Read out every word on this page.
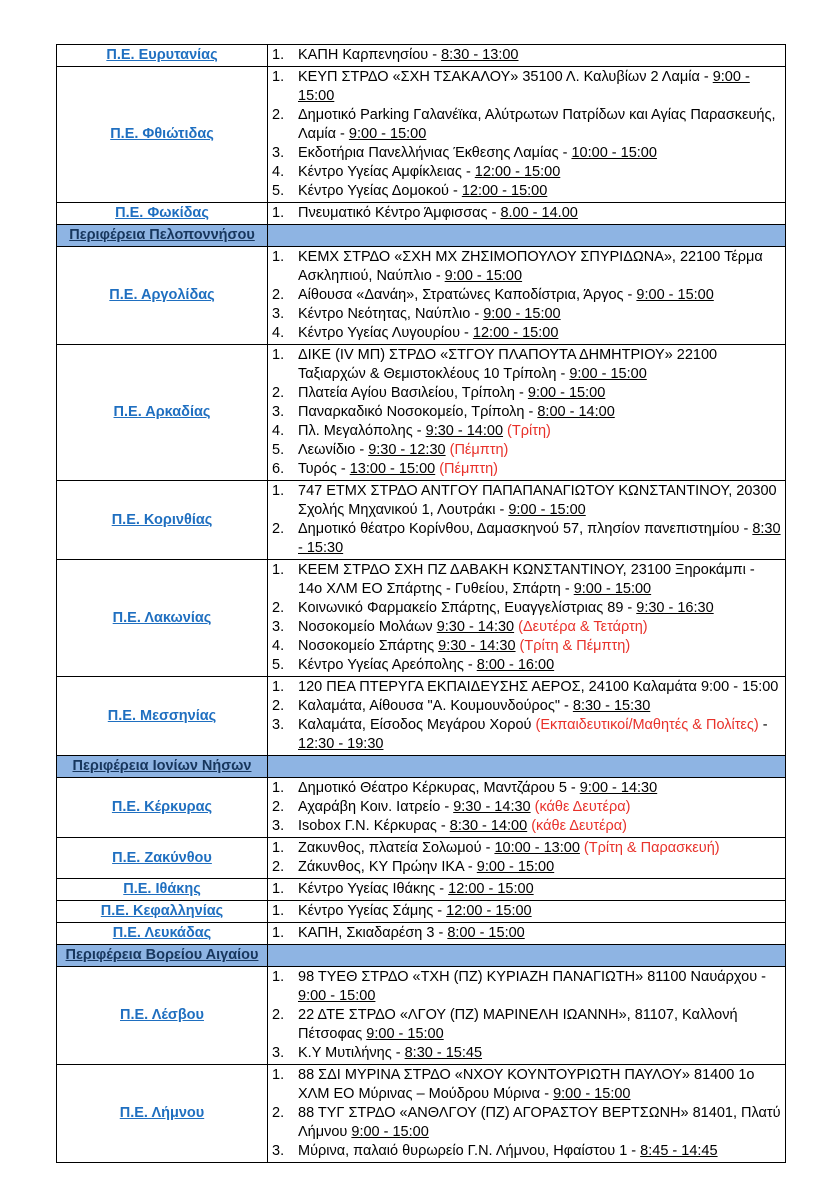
Π.Ε. Ευρυτανίας	1. ΚΑΠΗ Καρπενησίου - 8:30 - 13:00

Π.Ε. Φθιώτιδας	
1. ΚΕΥΠ ΣΤΡΔΟ «ΣΧΗ ΤΣΑΚΑΛΟΥ» 35100 Λ. Καλυβίων 2 Λαμία - 9:00 - 15:00
2. Δημοτικό Parking Γαλανέϊκα, Αλύτρωτων Πατρίδων και Αγίας Παρασκευής, Λαμία - 9:00 - 15:00
3. Εκδοτήρια Πανελλήνιας Έκθεσης Λαμίας - 10:00 - 15:00
4. Κέντρο Υγείας Αμφίκλειας - 12:00 - 15:00
5. Κέντρο Υγείας Δομοκού - 12:00 - 15:00

Π.Ε. Φωκίδας	1. Πνευματικό Κέντρο Άμφισσας - 8.00 - 14.00

Περιφέρεια Πελοποννήσου	
Π.Ε. Αργολίδας	
1. ΚΕΜΧ ΣΤΡΔΟ «ΣΧΗ ΜΧ ΖΗΣΙΜΟΠΟΥΛΟΥ ΣΠΥΡΙΔΩΝΑ», 22100 Τέρμα Ασκληπιού, Ναύπλιο - 9:00 - 15:00
2. Αίθουσα «Δανάη», Στρατώνες Καποδίστρια, Άργος - 9:00 - 15:00
3. Κέντρο Νεότητας, Ναύπλιο - 9:00 - 15:00
4. Κέντρο Υγείας Λυγουρίου - 12:00 - 15:00

Π.Ε. Αρκαδίας	
1. ΔΙΚΕ (IV ΜΠ) ΣΤΡΔΟ «ΣΤΓΟΥ ΠΛΑΠΟΥΤΑ ΔΗΜΗΤΡΙΟΥ» 22100 Ταξιαρχών & Θεμιστοκλέους 10 Τρίπολη - 9:00 - 15:00
2. Πλατεία Αγίου Βασιλείου, Τρίπολη - 9:00 - 15:00
3. Παναρκαδικό Νοσοκομείο, Τρίπολη - 8:00 - 14:00
4. Πλ. Μεγαλόπολης - 9:30 - 14:00 (Τρίτη)
5. Λεωνίδιο - 9:30 - 12:30 (Πέμπτη)
6. Τυρός - 13:00 - 15:00 (Πέμπτη)

Π.Ε. Κορινθίας	1. 747 ΕΤΜΧ ΣΤΡΔΟ ΑΝΤΓΟΥ ΠΑΠΑΠΑΝΑΓΙΩΤΟΥ ΚΩΝΣΤΑΝΤΙΝΟΥ, 20300 Σχολής Μηχανικού 1, Λουτράκι - 9:00 - 15:00
2. Δημοτικό θέατρο Κορίνθου, Δαμασκηνού 57, πλησίον πανεπιστημίου - 8:30 - 15:30

Π.Ε. Λακωνίας	
1. ΚΕΕΜ ΣΤΡΔΟ ΣΧΗ ΠΖ ΔΑΒΑΚΗ ΚΩΝΣΤΑΝΤΙΝΟΥ, 23100 Ξηροκάμπι - 14ο ΧΛΜ ΕΟ Σπάρτης - Γυθείου, Σπάρτη - 9:00 - 15:00
2. Κοινωνικό Φαρμακείο Σπάρτης, Ευαγγελίστριας 89 - 9:30 - 16:30
3. Νοσοκομείο Μολάων 9:30 - 14:30 (Δευτέρα & Τετάρτη)
4. Νοσοκομείο Σπάρτης 9:30 - 14:30 (Τρίτη & Πέμπτη)
5. Κέντρο Υγείας Αρεόπολης - 8:00 - 16:00

Π.Ε. Μεσσηνίας	
1. 120 ΠΕΑ ΠΤΕΡΥΓΑ ΕΚΠΑΙΔΕΥΣΗΣ ΑΕΡΟΣ, 24100 Καλαμάτα 9:00 - 15:00
2. Καλαμάτα, Αίθουσα "Α. Κουμουνδούρος" - 8:30 - 15:30
3. Καλαμάτα, Είσοδος Μεγάρου Χορού (Εκπαιδευτικοί/Μαθητές & Πολίτες) - 12:30 - 19:30

Περιφέρεια Ιονίων Νήσων	
Π.Ε. Κέρκυρας	
1. Δημοτικό Θέατρο Κέρκυρας, Μαντζάρου 5 - 9:00 - 14:30
2. Αχαράβη Κοιν. Ιατρείο - 9:30 - 14:30 (κάθε Δευτέρα)
3. Isobox Γ.Ν. Κέρκυρας - 8:30 - 14:00 (κάθε Δευτέρα)

Π.Ε. Ζακύνθου	1. Ζακυνθος, πλατεία Σολωμού - 10:00 - 13:00 (Τρίτη & Παρασκευή)
2. Ζάκυνθος, ΚΥ Πρώην ΙΚΑ - 9:00 - 15:00

Π.Ε. Ιθάκης	1. Κέντρο Υγείας Ιθάκης - 12:00 - 15:00

Π.Ε. Κεφαλληνίας	1. Κέντρο Υγείας Σάμης - 12:00 - 15:00

Π.Ε. Λευκάδας	1. ΚΑΠΗ, Σκιαδαρέση 3 - 8:00 - 15:00

Περιφέρεια Βορείου Αιγαίου	
Π.Ε. Λέσβου	
1. 98 ΤΥΕΘ ΣΤΡΔΟ «ΤΧΗ (ΠΖ) ΚΥΡΙΑΖΗ ΠΑΝΑΓΙΩΤΗ» 81100 Ναυάρχου - 9:00 - 15:00
2. 22 ΔΤΕ ΣΤΡΔΟ «ΛΓΟΥ (ΠΖ) ΜΑΡΙΝΕΛΗ ΙΩΑΝΝΗ», 81107, Καλλονή Πέτσοφας 9:00 - 15:00
3. Κ.Υ Μυτιλήνης - 8:30 - 15:45

Π.Ε. Λήμνου	
1. 88 ΣΔΙ ΜΥΡΙΝΑ ΣΤΡΔΟ «ΝΧΟΥ ΚΟΥΝΤΟΥΡΙΩΤΗ ΠΑΥΛΟΥ» 81400 1ο ΧΛΜ ΕΟ Μύρινας – Μούδρου Μύρινα - 9:00 - 15:00
2. 88 ΤΥΓ ΣΤΡΔΟ «ΑΝΘΛΓΟΥ (ΠΖ) ΑΓΟΡΑΣΤΟΥ ΒΕΡΤΣΩΝΗ» 81401, Πλατύ Λήμνου 9:00 - 15:00
3. Μύρινα, παλαιό θυρωρείο Γ.Ν. Λήμνου, Ηφαίστου 1 - 8:45 - 14:45
